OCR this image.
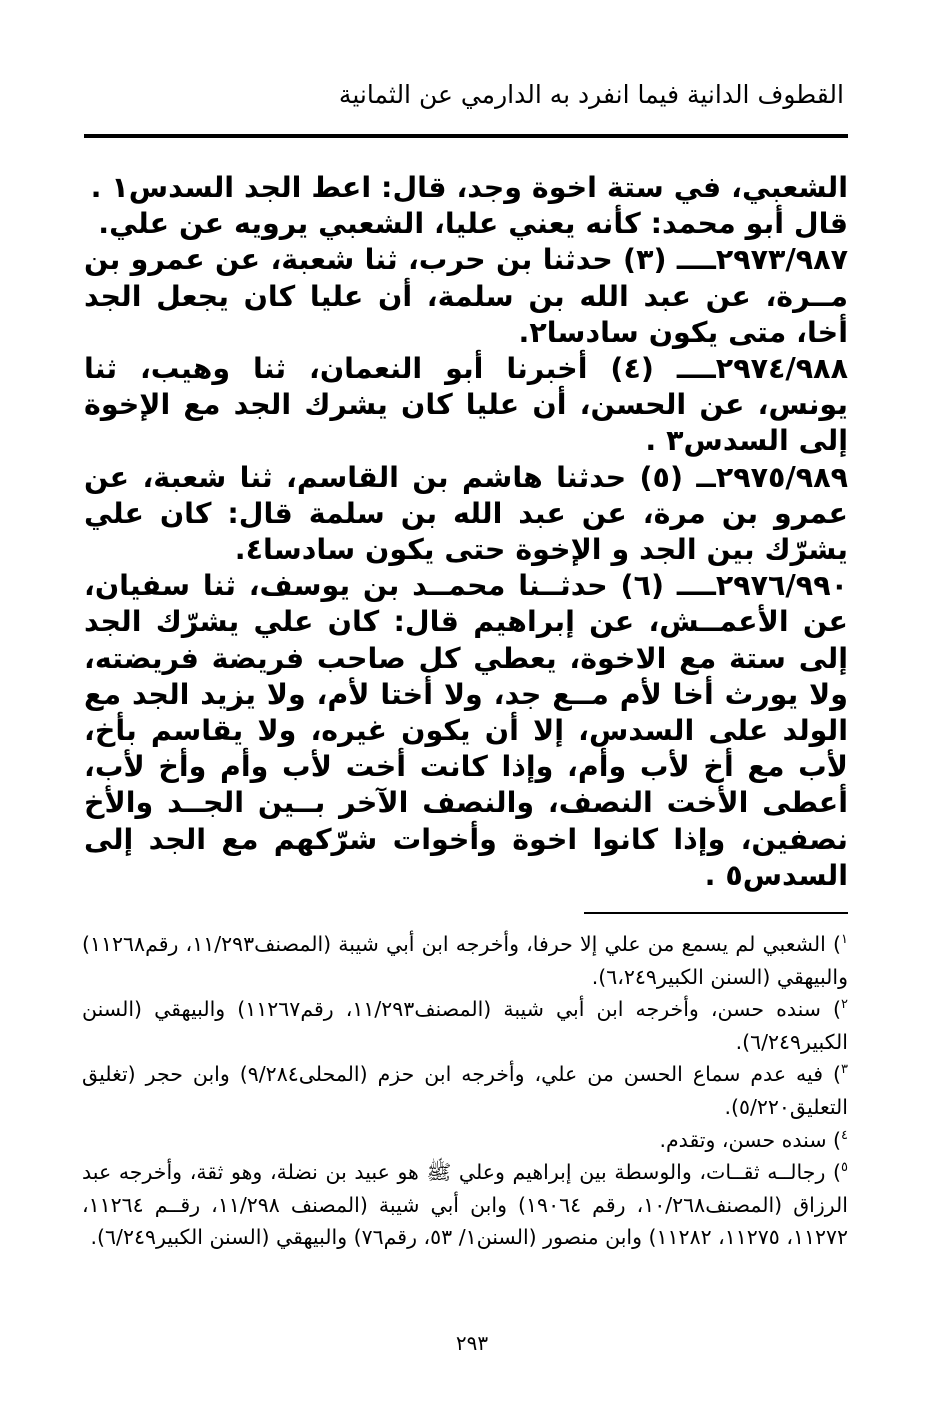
القطوف الدانية فيما انفرد به الدارمي عن الثمانية

الشعبي، في ستة اخوة وجد، قال: اعط الجد السدس١ .

قال أبو محمد: كأنه يعني عليا، الشعبي يرويه عن علي.

٢٩٧٣/٩٨٧ــــ (٣) حدثنا بن حرب، ثنا شعبة، عن عمرو بن مــرة، عن عبد الله بن سلمة، أن عليا كان يجعل الجد أخا، متى يكون سادسا٢.

٢٩٧٤/٩٨٨ــــ (٤) أخبرنا أبو النعمان، ثنا وهيب، ثنا يونس، عن الحسن، أن عليا كان يشرك الجد مع الإخوة إلى السدس٣ .

٢٩٧٥/٩٨٩ــ (٥) حدثنا هاشم بن القاسم، ثنا شعبة، عن عمرو بن مرة، عن عبد الله بن سلمة قال: كان علي يشرّك بين الجد و الإخوة حتى يكون سادسا٤.

٢٩٧٦/٩٩٠ــــ (٦) حدثــنا محمــد بن يوسف، ثنا سفيان، عن الأعمــش، عن إبراهيم قال: كان علي يشرّك الجد إلى ستة مع الاخوة، يعطي كل صاحب فريضة فريضته، ولا يورث أخا لأم مــع جد، ولا أختا لأم، ولا يزيد الجد مع الولد على السدس، إلا أن يكون غيره، ولا يقاسم بأخ، لأب مع أخ لأب وأم، وإذا كانت أخت لأب وأم وأخ لأب، أعطى الأخت النصف، والنصف الآخر بــين الجــد والأخ نصفين، وإذا كانوا اخوة وأخوات شرّكهم مع الجد إلى السدس٥ .

$^١$) الشعبي لم يسمع من علي إلا حرفا، وأخرجه ابن أبي شيبة (المصنف١١/٢٩٣، رقم١١٢٦٨) والبيهقي (السنن الكبير٦،٢٤٩).

$^٢$) سنده حسن، وأخرجه ابن أبي شيبة (المصنف١١/٢٩٣، رقم١١٢٦٧) والبيهقي (السنن الكبير٦/٢٤٩).

$^٣$) فيه عدم سماع الحسن من علي، وأخرجه ابن حزم (المحلى٩/٢٨٤) وابن حجر (تغليق التعليق٥/٢٢٠).

$^٤$) سنده حسن، وتقدم.

$^٥$) رجالــه ثقــات، والوسطة بين إبراهيم وعلي ﷺ هو عبيد بن نضلة، وهو ثقة، وأخرجه عبد الرزاق (المصنف١٠/٢٦٨، رقم ١٩٠٦٤) وابن أبي شيبة (المصنف ١١/٢٩٨، رقــم ١١٢٦٤، ١١٢٧٢، ١١٢٧٥، ١١٢٨٢) وابن منصور (السنن١/ ٥٣، رقم٧٦) والبيهقي (السنن الكبير٦/٢٤٩).

٢٩٣
